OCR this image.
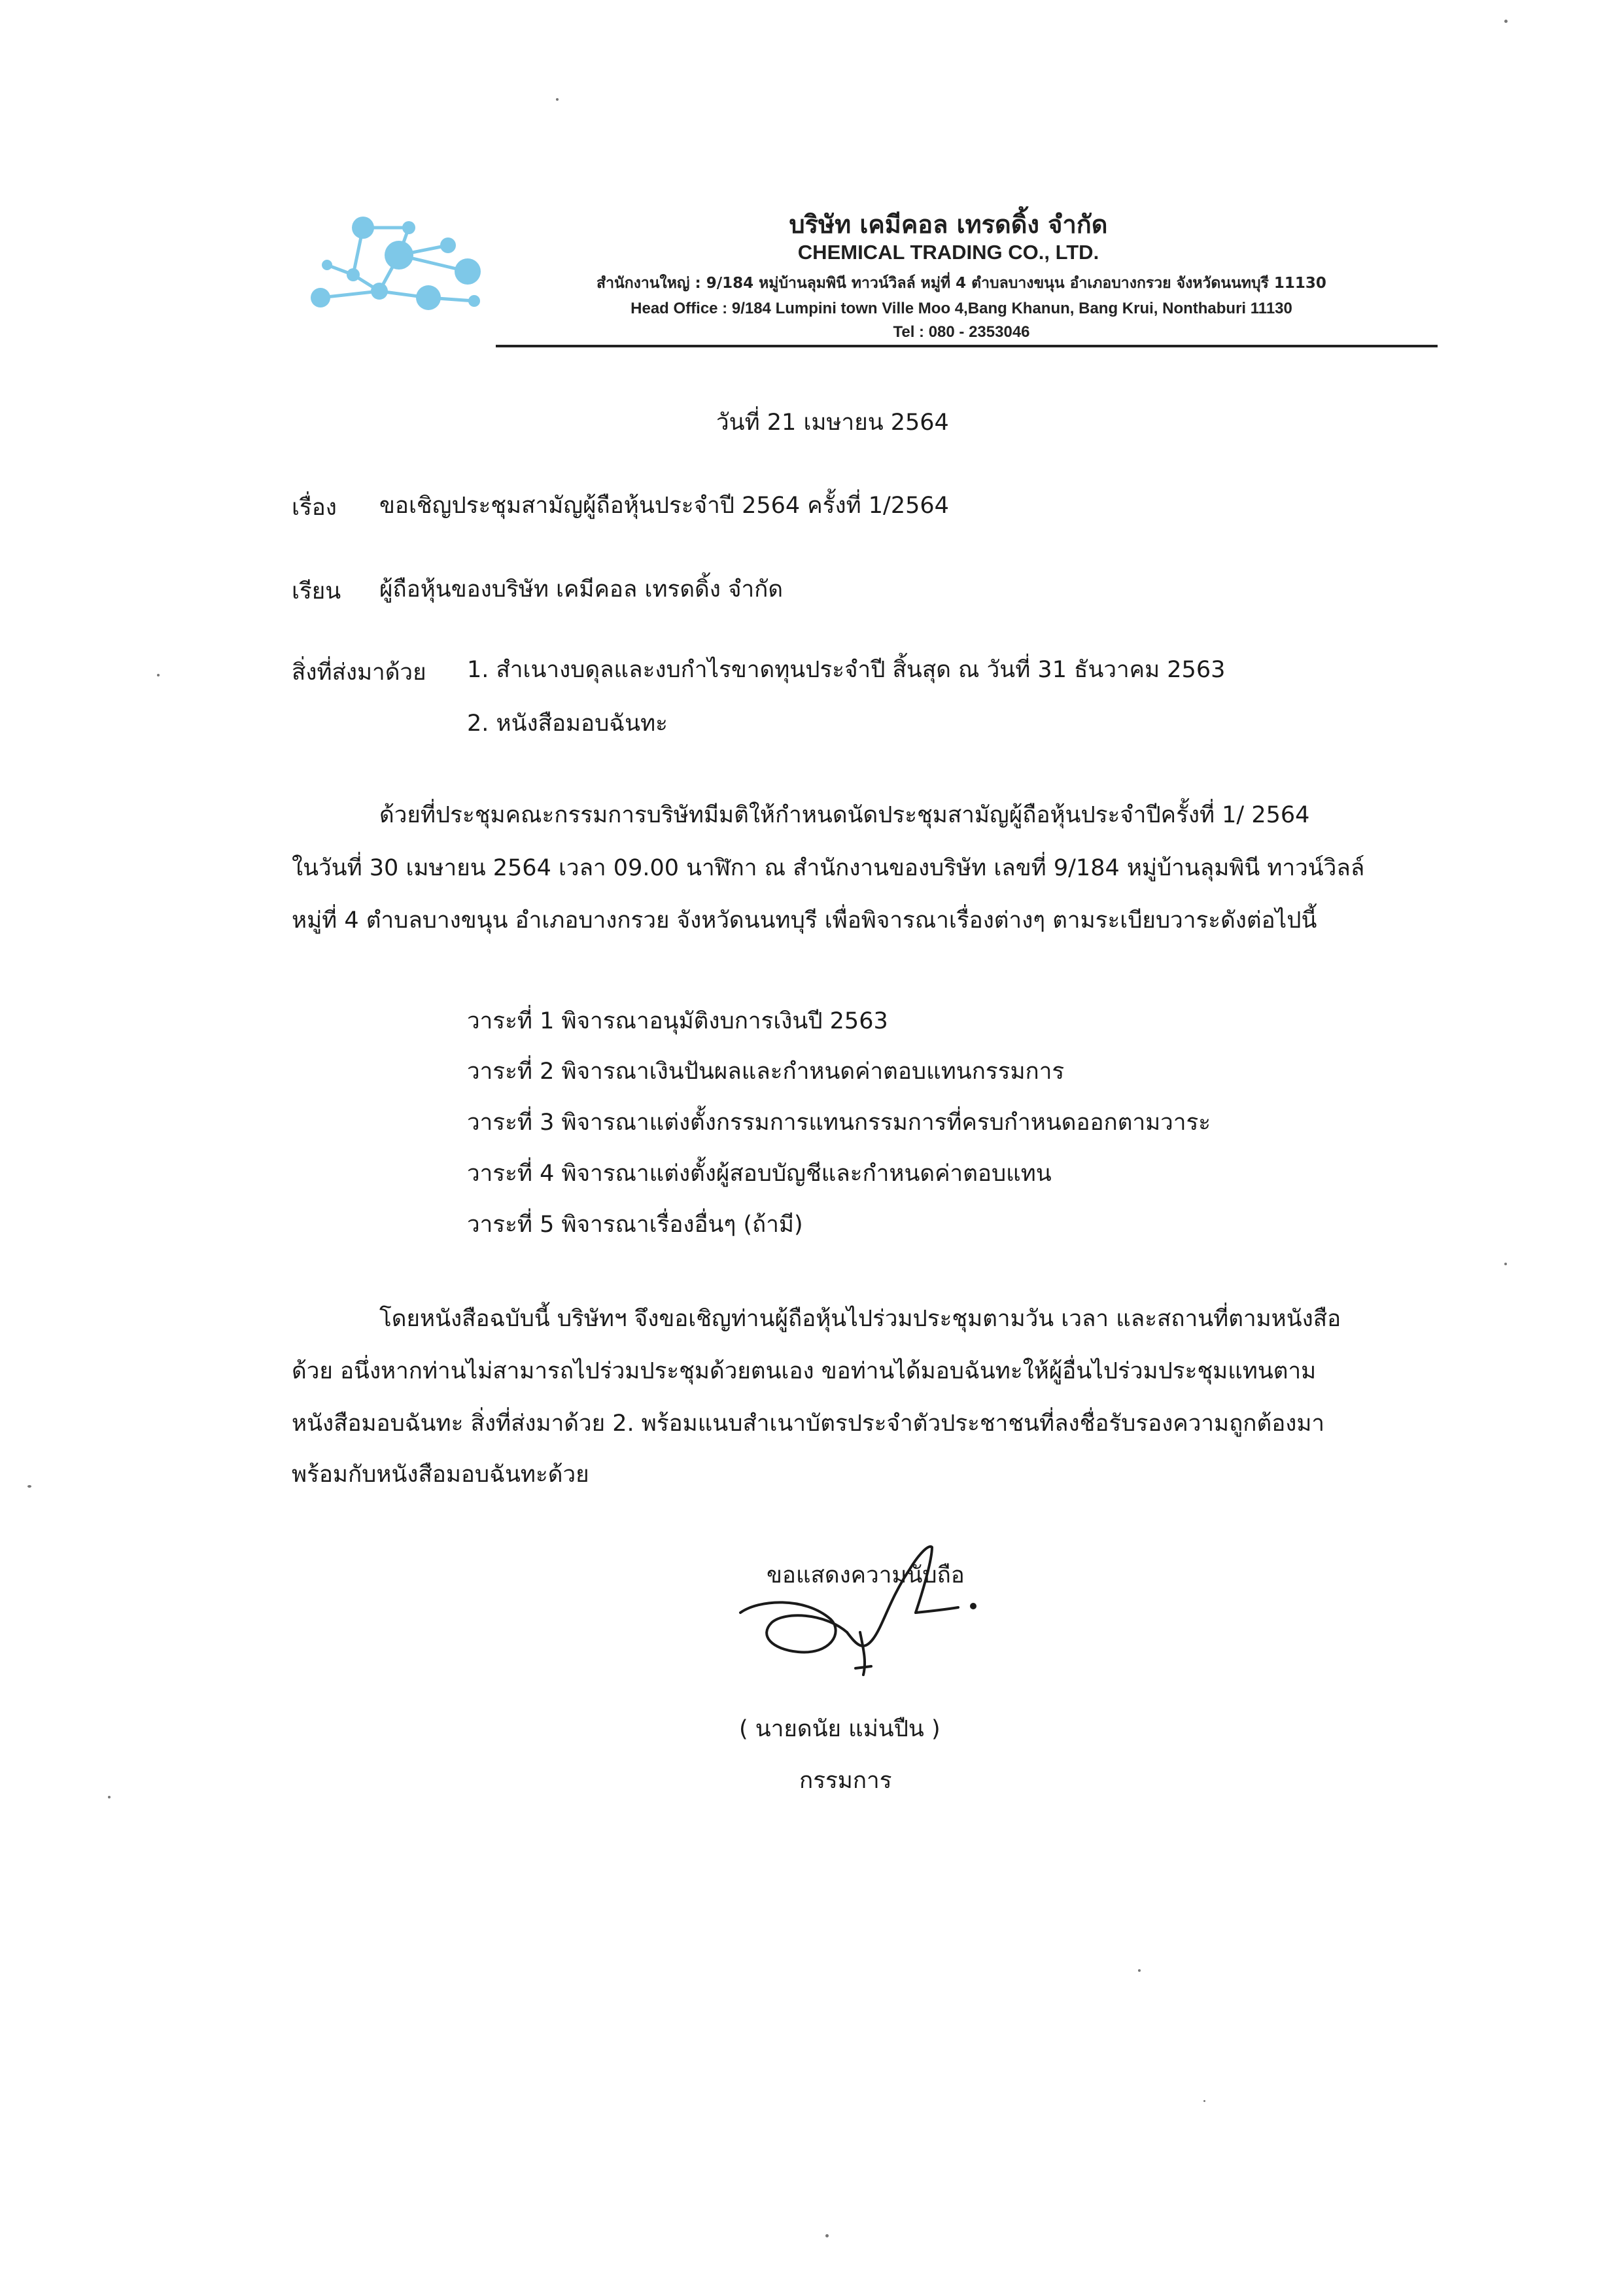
บริษัท เคมีคอล เทรดดิ้ง จำกัด
CHEMICAL TRADING CO., LTD.
สำนักงานใหญ่ : 9/184 หมู่บ้านลุมพินี ทาวน์วิลล์ หมู่ที่ 4 ตำบลบางขนุน อำเภอบางกรวย จังหวัดนนทบุรี 11130
Head Office : 9/184 Lumpini town Ville Moo 4,Bang Khanun, Bang Krui, Nonthaburi 11130
Tel : 080 - 2353046
วันที่ 21 เมษายน 2564
เรื่อง ขอเชิญประชุมสามัญผู้ถือหุ้นประจำปี 2564 ครั้งที่ 1/2564
เรียน ผู้ถือหุ้นของบริษัท เคมีคอล เทรดดิ้ง จำกัด
สิ่งที่ส่งมาด้วย 1. สำเนางบดุลและงบกำไรขาดทุนประจำปี สิ้นสุด ณ วันที่ 31 ธันวาคม 2563
2. หนังสือมอบฉันทะ
ด้วยที่ประชุมคณะกรรมการบริษัทมีมติให้กำหนดนัดประชุมสามัญผู้ถือหุ้นประจำปีครั้งที่ 1/ 2564
ในวันที่ 30 เมษายน 2564 เวลา 09.00 นาฬิกา ณ สำนักงานของบริษัท เลขที่ 9/184 หมู่บ้านลุมพินี ทาวน์วิลล์
หมู่ที่ 4 ตำบลบางขนุน อำเภอบางกรวย จังหวัดนนทบุรี เพื่อพิจารณาเรื่องต่างๆ ตามระเบียบวาระดังต่อไปนี้
วาระที่ 1 พิจารณาอนุมัติงบการเงินปี 2563
วาระที่ 2 พิจารณาเงินปันผลและกำหนดค่าตอบแทนกรรมการ
วาระที่ 3 พิจารณาแต่งตั้งกรรมการแทนกรรมการที่ครบกำหนดออกตามวาระ
วาระที่ 4 พิจารณาแต่งตั้งผู้สอบบัญชีและกำหนดค่าตอบแทน
วาระที่ 5 พิจารณาเรื่องอื่นๆ (ถ้ามี)
โดยหนังสือฉบับนี้ บริษัทฯ จึงขอเชิญท่านผู้ถือหุ้นไปร่วมประชุมตามวัน เวลา และสถานที่ตามหนังสือ
ด้วย อนึ่งหากท่านไม่สามารถไปร่วมประชุมด้วยตนเอง ขอท่านได้มอบฉันทะให้ผู้อื่นไปร่วมประชุมแทนตาม
หนังสือมอบฉันทะ สิ่งที่ส่งมาด้วย 2. พร้อมแนบสำเนาบัตรประจำตัวประชาชนที่ลงชื่อรับรองความถูกต้องมา
พร้อมกับหนังสือมอบฉันทะด้วย
ขอแสดงความนับถือ
( นายดนัย แม่นปืน )
กรรมการ
